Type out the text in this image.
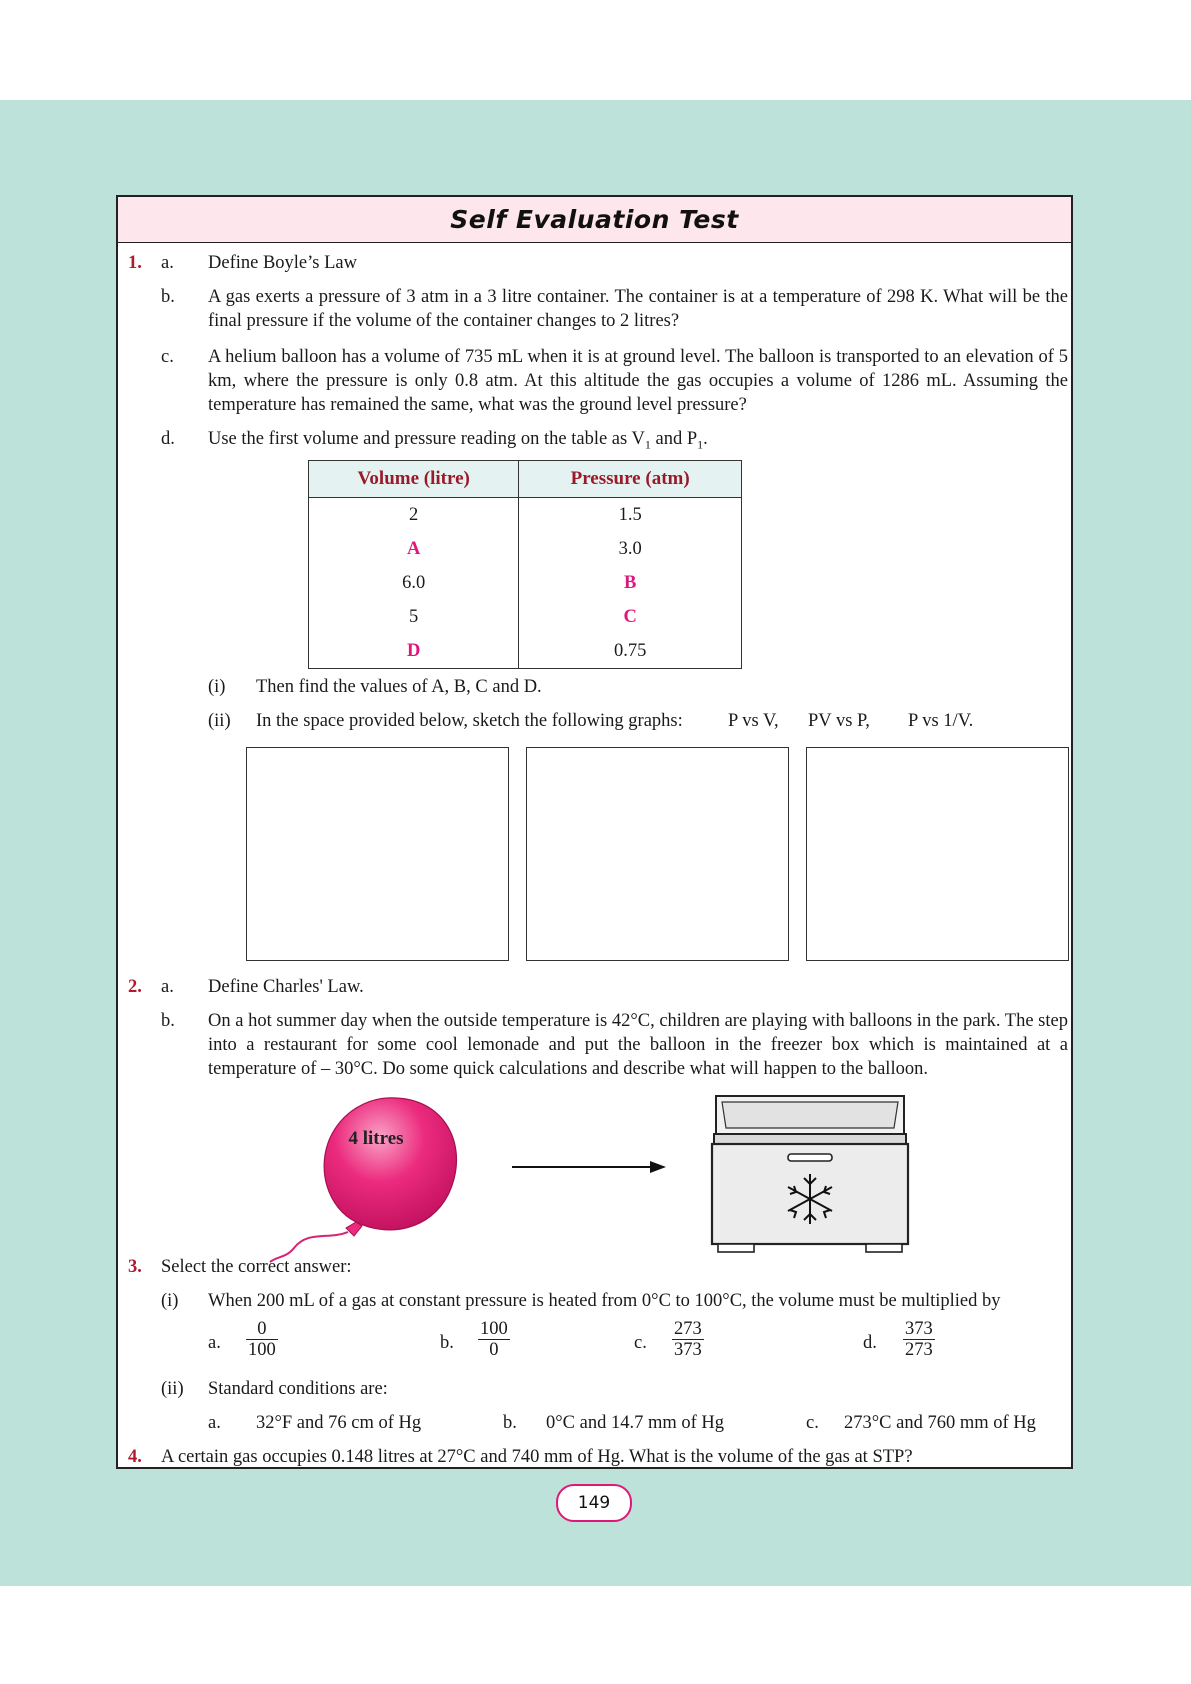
Self Evaluation Test
1. a. Define Boyle’s Law
b. A gas exerts a pressure of 3 atm in a 3 litre container. The container is at a temperature of 298 K. What will be the final pressure if the volume of the container changes to 2 litres?
c. A helium balloon has a volume of 735 mL when it is at ground level. The balloon is transported to an elevation of 5 km, where the pressure is only 0.8 atm. At this altitude the gas occupies a volume of 1286 mL. Assuming the temperature has remained the same, what was the ground level pressure?
d. Use the first volume and pressure reading on the table as $V_1$ and $P_1$.
Volume (litre)	Pressure (atm)
2	1.5
A	3.0
6.0	B
5	C
D	0.75
(i) Then find the values of A, B, C and D.
(ii) In the space provided below, sketch the following graphs: P vs V, PV vs P, P vs 1/V.
2. a. Define Charles' Law.
b. On a hot summer day when the outside temperature is 42°C, children are playing with balloons in the park. The step into a restaurant for some cool lemonade and put the balloon in the freezer box which is maintained at a temperature of – 30°C. Do some quick calculations and describe what will happen to the balloon.
4 litres
3. Select the correct answer:
(i) When 200 mL of a gas at constant pressure is heated from 0°C to 100°C, the volume must be multiplied by
a. $\frac{0}{100}$	b. $\frac{100}{0}$	c. $\frac{273}{373}$	d. $\frac{373}{273}$
(ii) Standard conditions are:
a. 32°F and 76 cm of Hg	b. 0°C and 14.7 mm of Hg	c. 273°C and 760 mm of Hg
4. A certain gas occupies 0.148 litres at 27°C and 740 mm of Hg. What is the volume of the gas at STP?
149
